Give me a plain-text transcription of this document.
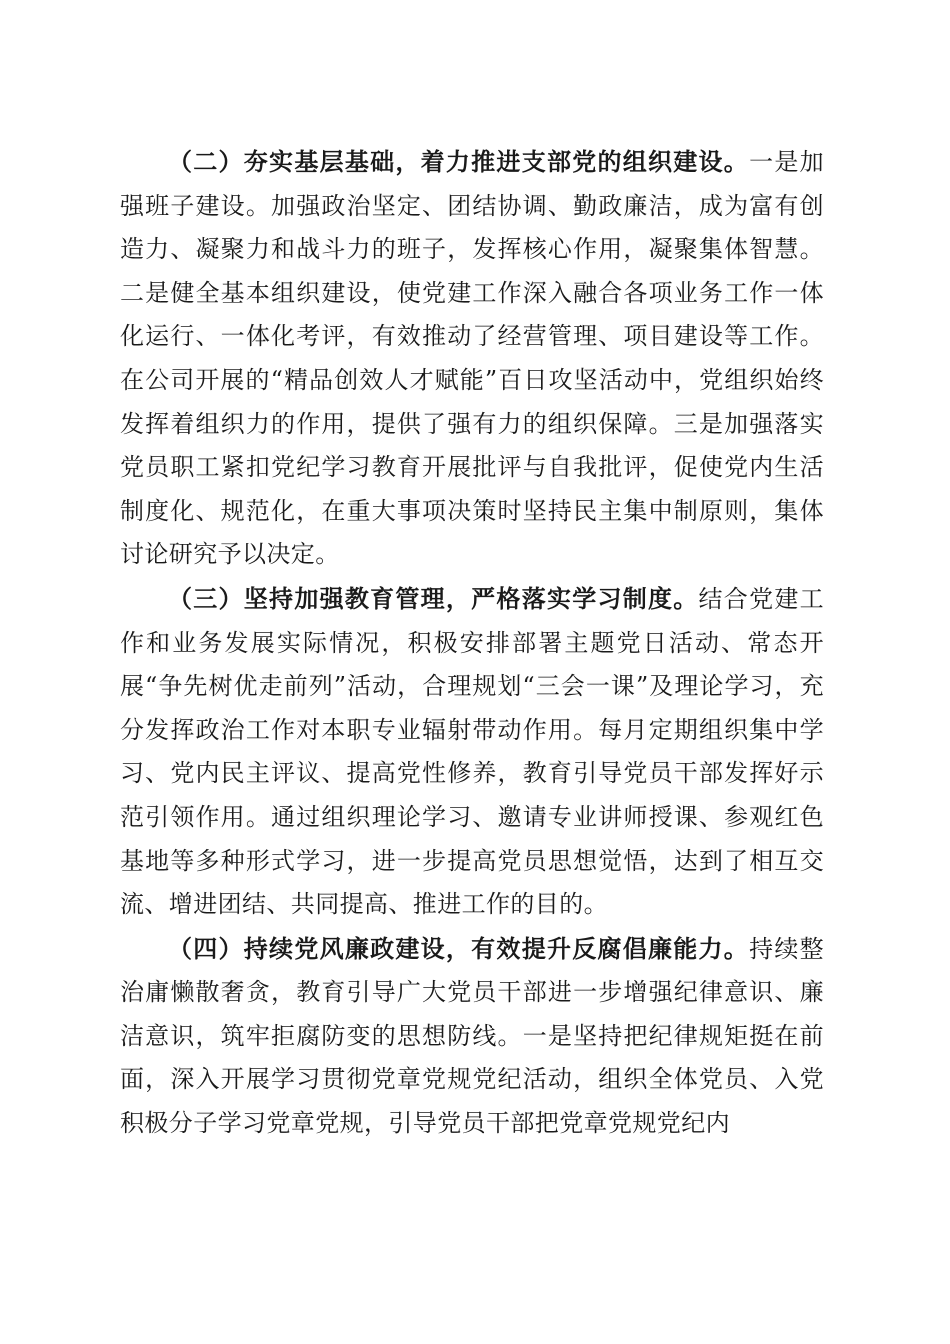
（二）夯实基层基础，着力推进支部党的组织建设。一是加强班子建设。加强政治坚定、团结协调、勤政廉洁，成为富有创造力、凝聚力和战斗力的班子，发挥核心作用，凝聚集体智慧。二是健全基本组织建设，使党建工作深入融合各项业务工作一体化运行、一体化考评，有效推动了经营管理、项目建设等工作。在公司开展的“精品创效人才赋能”百日攻坚活动中，党组织始终发挥着组织力的作用，提供了强有力的组织保障。三是加强落实党员职工紧扣党纪学习教育开展批评与自我批评，促使党内生活制度化、规范化，在重大事项决策时坚持民主集中制原则，集体讨论研究予以决定。

（三）坚持加强教育管理，严格落实学习制度。结合党建工作和业务发展实际情况，积极安排部署主题党日活动、常态开展“争先树优走前列”活动，合理规划“三会一课”及理论学习，充分发挥政治工作对本职专业辐射带动作用。每月定期组织集中学习、党内民主评议、提高党性修养，教育引导党员干部发挥好示范引领作用。通过组织理论学习、邀请专业讲师授课、参观红色基地等多种形式学习，进一步提高党员思想觉悟，达到了相互交流、增进团结、共同提高、推进工作的目的。

（四）持续党风廉政建设，有效提升反腐倡廉能力。持续整治庸懒散奢贪，教育引导广大党员干部进一步增强纪律意识、廉洁意识，筑牢拒腐防变的思想防线。一是坚持把纪律规矩挺在前面，深入开展学习贯彻党章党规党纪活动，组织全体党员、入党积极分子学习党章党规，引导党员干部把党章党规党纪内
